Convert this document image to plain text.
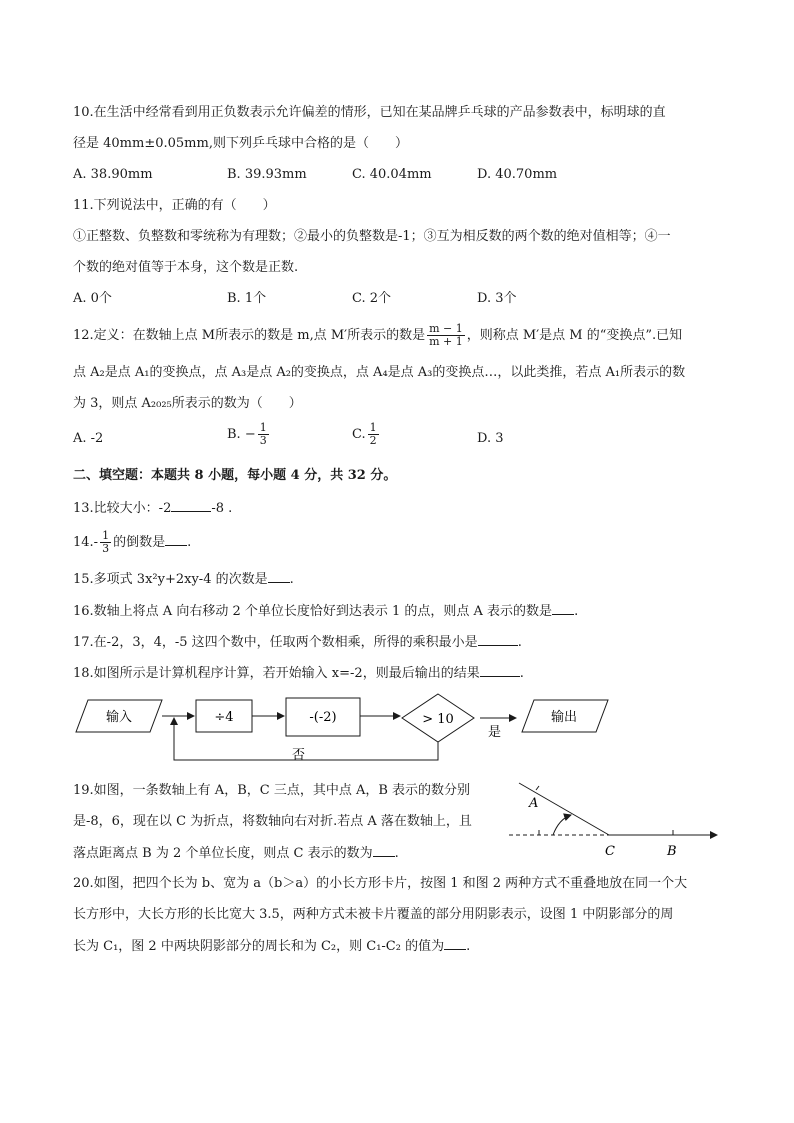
10.在生活中经常看到用正负数表示允许偏差的情形，已知在某品牌乒乓球的产品参数表中，标明球的直
径是 40mm±0.05mm,则下列乒乓球中合格的是（　　）
A. 38.90mm	B. 39.93mm	C. 40.04mm	D. 40.70mm
11.下列说法中，正确的有（　　）
①正整数、负整数和零统称为有理数；②最小的负整数是-1；③互为相反数的两个数的绝对值相等；④一
个数的绝对值等于本身，这个数是正数.
A. 0个	B. 1个	C. 2个	D. 3个
12.定义：在数轴上点 M所表示的数是 m,点 M′所表示的数是 $\frac{m - 1}{m + 1}$ ，则称点 M′是点 M 的“变换点”.已知
点 A₂是点 A₁的变换点，点 A₃是点 A₂的变换点，点 A₄是点 A₃的变换点…，以此类推，若点 A₁所表示的数
为 3，则点 A₂₀₂₅所表示的数为（　　）
A. -2	B. − $\frac{1}{3}$	C. $\frac{1}{2}$	D. 3
二、填空题：本题共 8 小题，每小题 4 分，共 32 分。
13.比较大小：-2	-8 .
$14.- \frac{1}{3}$ 的倒数是 .
15.多项式 3x²y+2xy-4 的次数是 .
16.数轴上将点 A 向右移动 2 个单位长度恰好到达表示 1 的点，则点 A 表示的数是 .
17.在-2，3，4，-5 这四个数中，任取两个数相乘，所得的乘积最小是	.
18.如图所示是计算机程序计算，若开始输入 x=-2，则最后输出的结果	.
输入	÷4	-(-2)	> 10
是
输出
否
19.如图，一条数轴上有 A，B，C 三点，其中点 A，B 表示的数分别
是-8，6，现在以 C 为折点，将数轴向右对折.若点 A 落在数轴上，且
落点距离点 B 为 2 个单位长度，则点 C 表示的数为 .
A
C	B
20.如图，把四个长为 b、宽为 a（b＞a）的小长方形卡片，按图 1 和图 2 两种方式不重叠地放在同一个大
长方形中，大长方形的长比宽大 3.5，两种方式未被卡片覆盖的部分用阴影表示，设图 1 中阴影部分的周
长为 C₁，图 2 中两块阴影部分的周长和为 C₂，则 C₁-C₂ 的值为 .
